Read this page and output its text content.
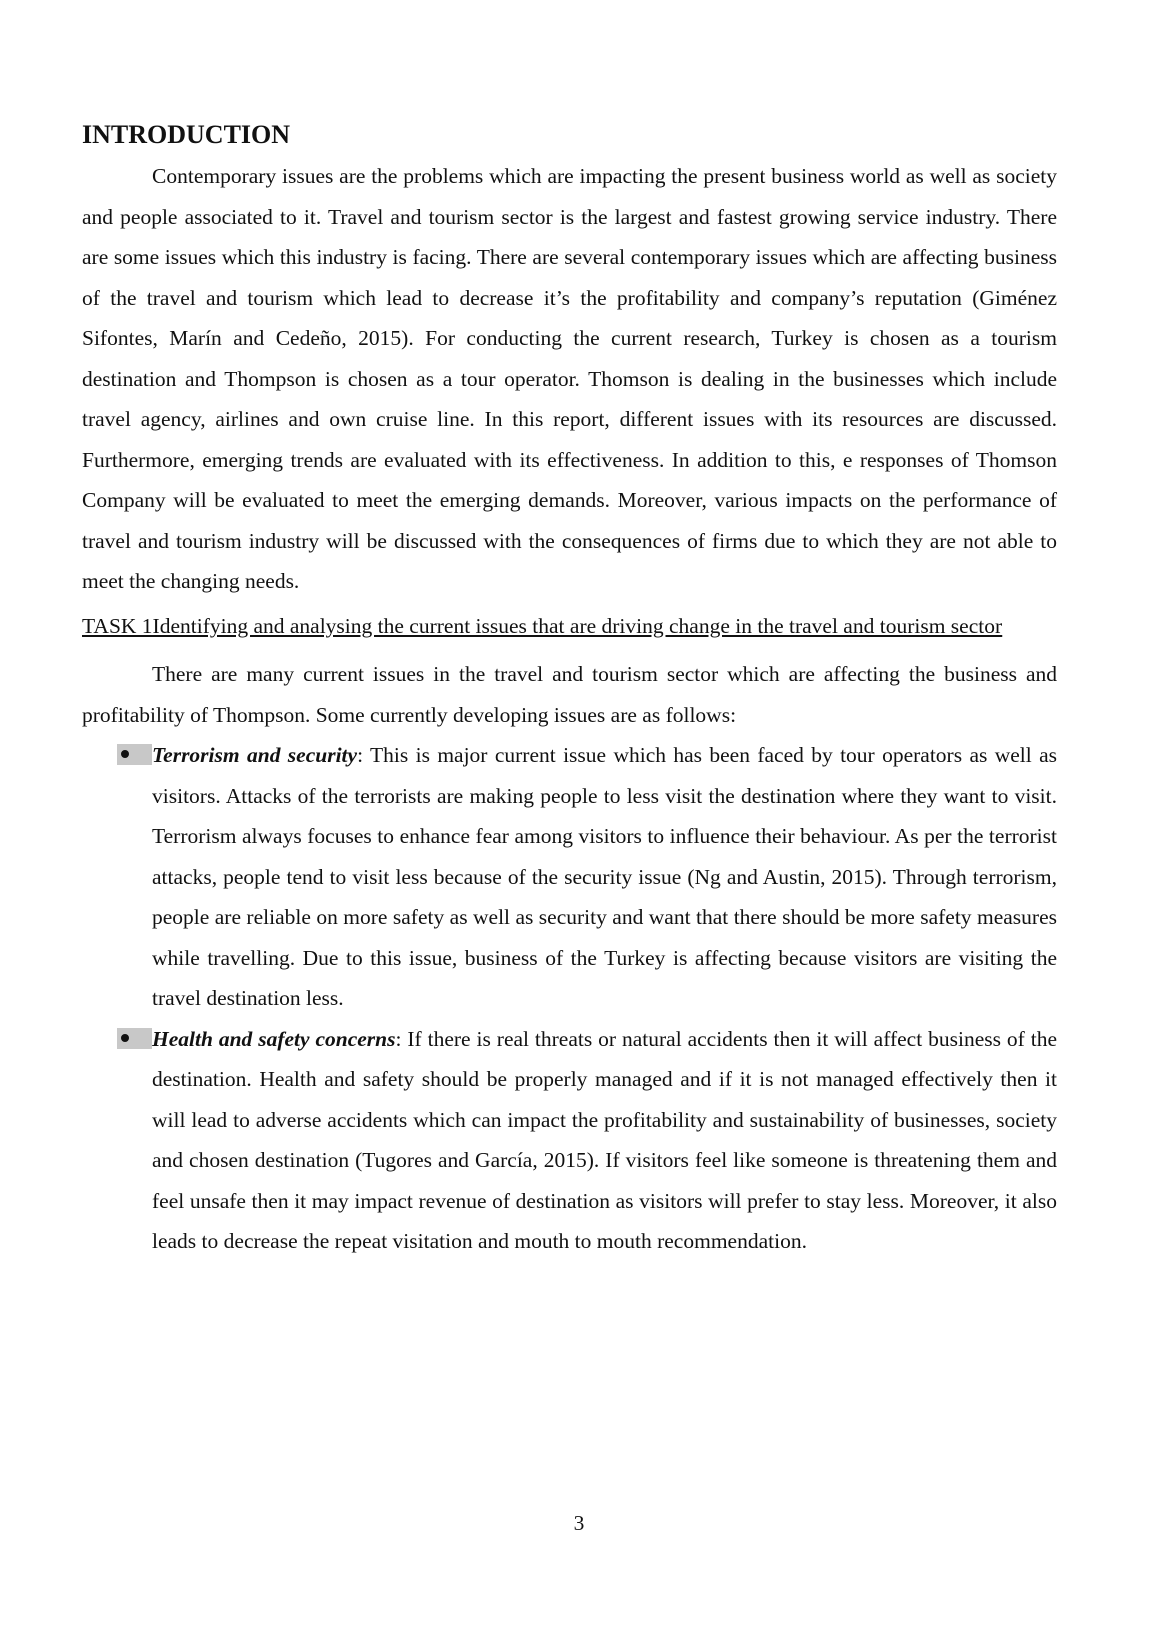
INTRODUCTION

Contemporary issues are the problems which are impacting the present business world as well as society and people associated to it. Travel and tourism sector is the largest and fastest growing service industry. There are some issues which this industry is facing. There are several contemporary issues which are affecting business of the travel and tourism which lead to decrease it’s the profitability and company’s reputation (Giménez Sifontes, Marín and Cedeño, 2015). For conducting the current research, Turkey is chosen as a tourism destination and Thompson is chosen as a tour operator. Thomson is dealing in the businesses which include travel agency, airlines and own cruise line. In this report, different issues with its resources are discussed. Furthermore, emerging trends are evaluated with its effectiveness. In addition to this, e responses of Thomson Company will be evaluated to meet the emerging demands. Moreover, various impacts on the performance of travel and tourism industry will be discussed with the consequences of firms due to which they are not able to meet the changing needs.

TASK 1Identifying and analysing the current issues that are driving change in the travel and tourism sector

There are many current issues in the travel and tourism sector which are affecting the business and profitability of Thompson. Some currently developing issues are as follows:

Terrorism and security: This is major current issue which has been faced by tour operators as well as visitors. Attacks of the terrorists are making people to less visit the destination where they want to visit. Terrorism always focuses to enhance fear among visitors to influence their behaviour. As per the terrorist attacks, people tend to visit less because of the security issue (Ng and Austin, 2015). Through terrorism, people are reliable on more safety as well as security and want that there should be more safety measures while travelling. Due to this issue, business of the Turkey is affecting because visitors are visiting the travel destination less.
Health and safety concerns: If there is real threats or natural accidents then it will affect business of the destination. Health and safety should be properly managed and if it is not managed effectively then it will lead to adverse accidents which can impact the profitability and sustainability of businesses, society and chosen destination (Tugores and García, 2015). If visitors feel like someone is threatening them and feel unsafe then it may impact revenue of destination as visitors will prefer to stay less. Moreover, it also leads to decrease the repeat visitation and mouth to mouth recommendation.
3
